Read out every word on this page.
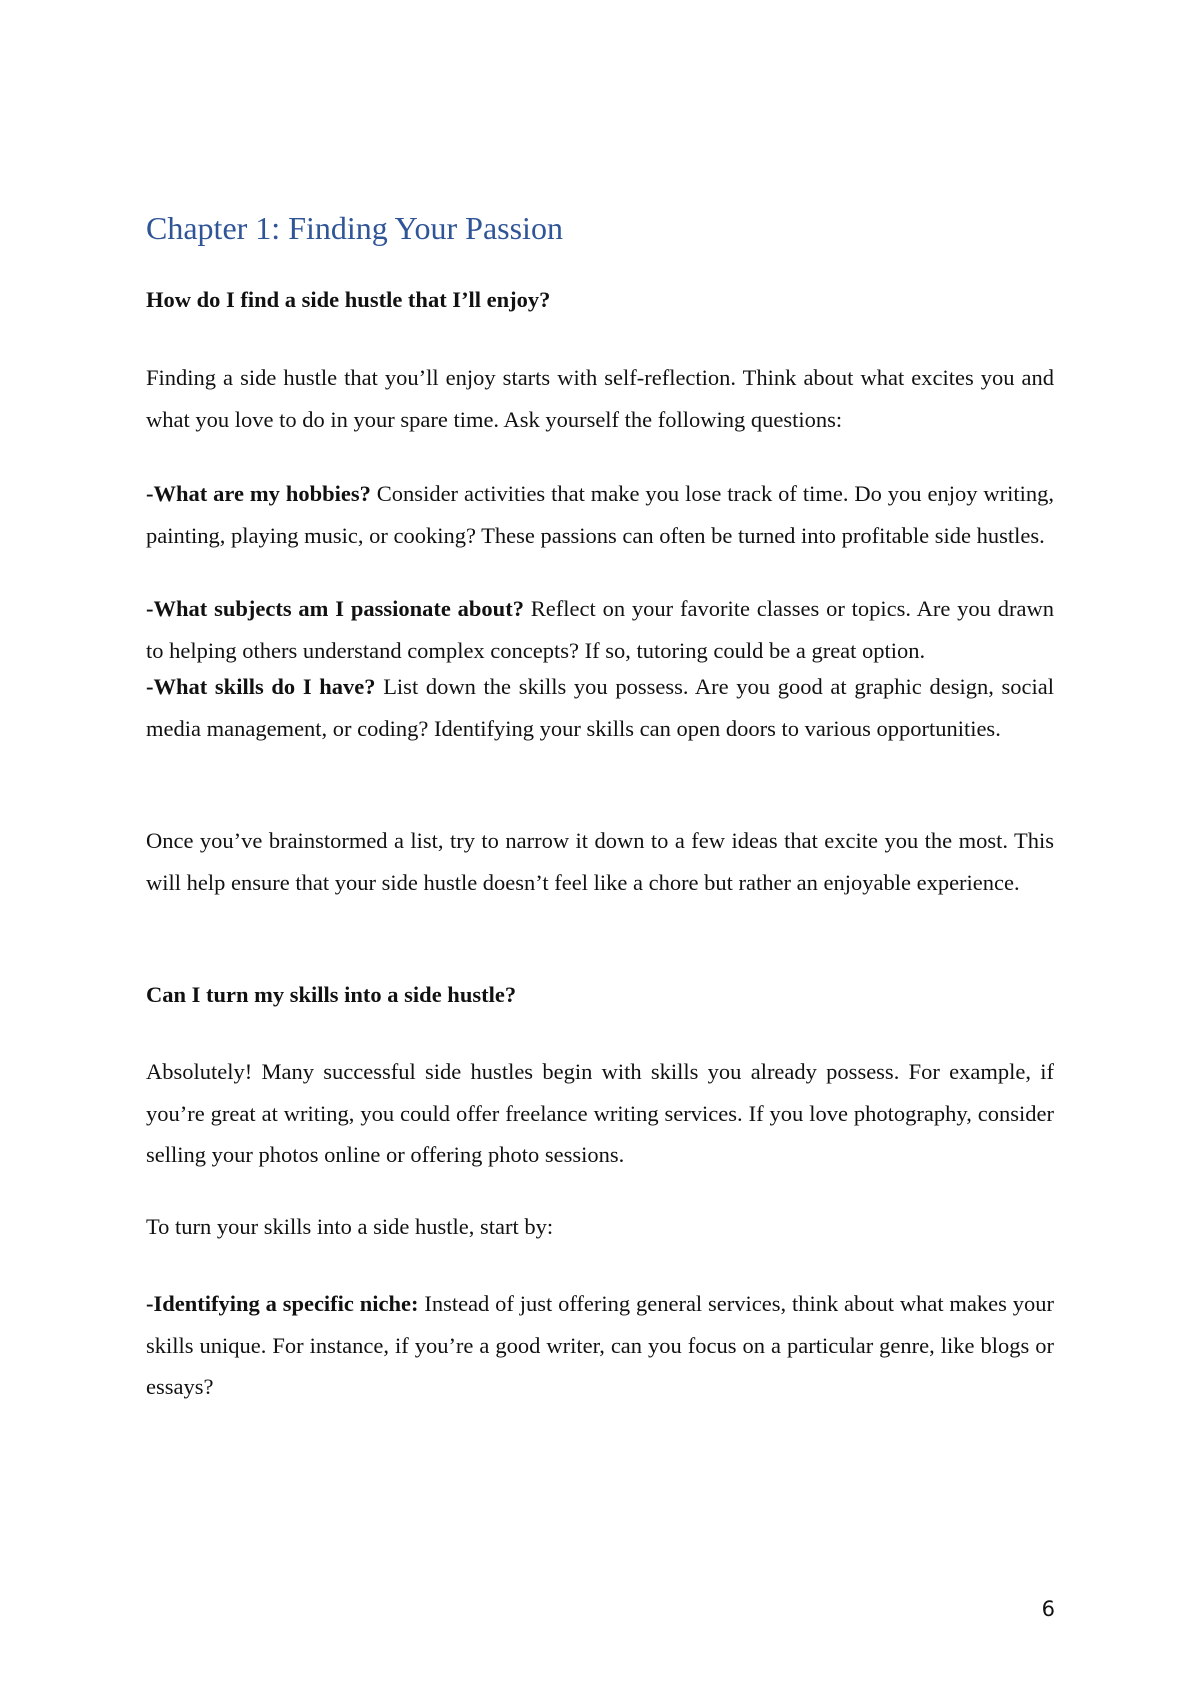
Chapter 1: Finding Your Passion
How do I find a side hustle that I’ll enjoy?

Finding a side hustle that you’ll enjoy starts with self-reflection. Think about what excites you and what you love to do in your spare time. Ask yourself the following questions:

-What are my hobbies? Consider activities that make you lose track of time. Do you enjoy writing, painting, playing music, or cooking? These passions can often be turned into profitable side hustles.

-What subjects am I passionate about? Reflect on your favorite classes or topics. Are you drawn to helping others understand complex concepts? If so, tutoring could be a great option.

-What skills do I have? List down the skills you possess. Are you good at graphic design, social media management, or coding? Identifying your skills can open doors to various opportunities.

Once you’ve brainstormed a list, try to narrow it down to a few ideas that excite you the most. This will help ensure that your side hustle doesn’t feel like a chore but rather an enjoyable experience.

Can I turn my skills into a side hustle?

Absolutely! Many successful side hustles begin with skills you already possess. For example, if you’re great at writing, you could offer freelance writing services. If you love photography, consider selling your photos online or offering photo sessions.

To turn your skills into a side hustle, start by:

-Identifying a specific niche: Instead of just offering general services, think about what makes your skills unique. For instance, if you’re a good writer, can you focus on a particular genre, like blogs or essays?

6
